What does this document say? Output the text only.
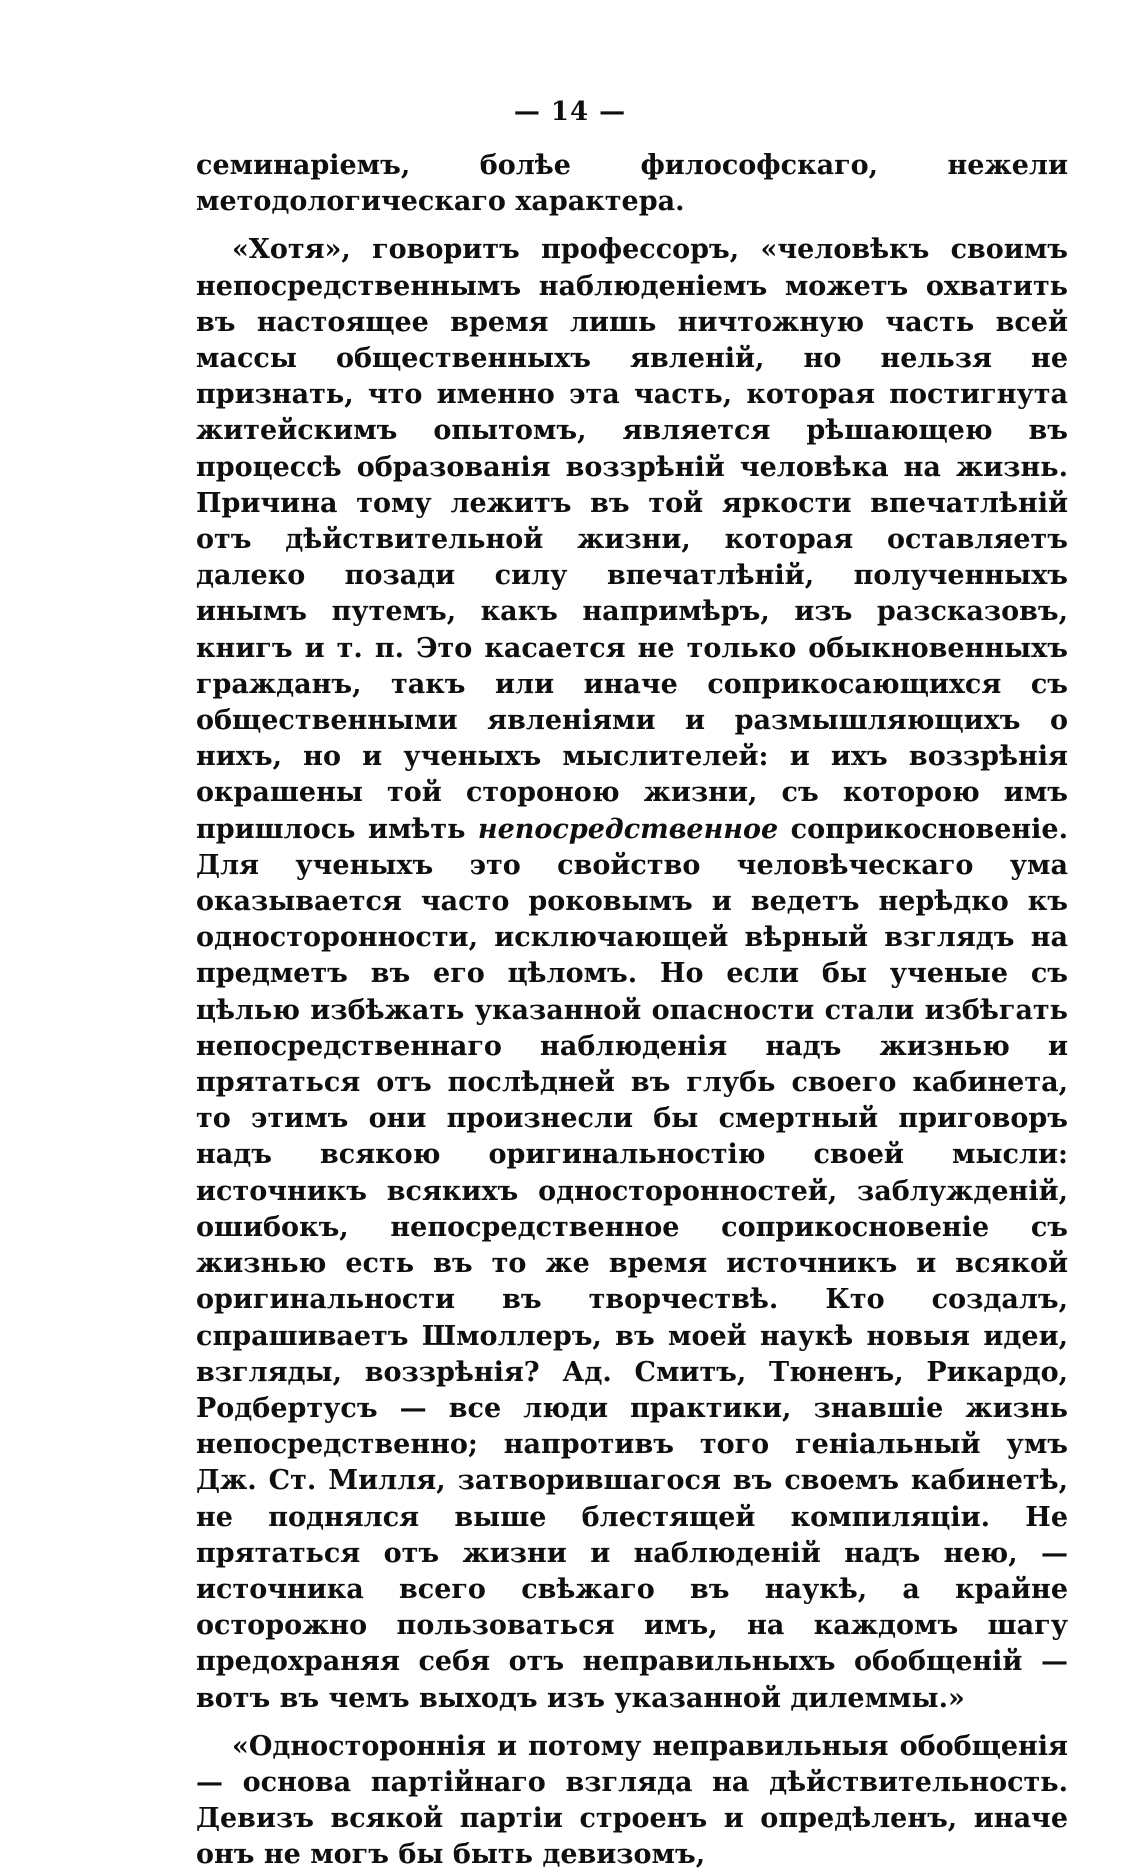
— 14 —

семинаріемъ, болѣе философскаго, нежели методологическаго характера.

«Хотя», говоритъ профессоръ, «человѣкъ своимъ непосредственнымъ наблюденіемъ можетъ охватить въ настоящее время лишь ничтожную часть всей массы общественныхъ явленій, но нельзя не признать, что именно эта часть, которая постигнута житейскимъ опытомъ, является рѣшающею въ процессѣ образованія воззрѣній человѣка на жизнь. Причина тому лежитъ въ той яркости впечатлѣній отъ дѣйствительной жизни, которая оставляетъ далеко позади силу впечатлѣній, полученныхъ инымъ путемъ, какъ напримѣръ, изъ разсказовъ, книгъ и т. п. Это касается не только обыкновенныхъ гражданъ, такъ или иначе соприкосающихся съ общественными явленіями и размышляющихъ о нихъ, но и ученыхъ мыслителей: и ихъ воззрѣнія окрашены той стороною жизни, съ которою имъ пришлось имѣть непосредственное соприкосновеніе. Для ученыхъ это свойство человѣческаго ума оказывается часто роковымъ и ведетъ нерѣдко къ односторонности, исключающей вѣрный взглядъ на предметъ въ его цѣломъ. Но если бы ученые съ цѣлью избѣжать указанной опасности стали избѣгать непосредственнаго наблюденія надъ жизнью и прятаться отъ послѣдней въ глубь своего кабинета, то этимъ они произнесли бы смертный приговоръ надъ всякою оригинальностію своей мысли: источникъ всякихъ односторонностей, заблужденій, ошибокъ, непосредственное соприкосновеніе съ жизнью есть въ то же время источникъ и всякой оригинальности въ творчествѣ. Кто создалъ, спрашиваетъ Шмоллеръ, въ моей наукѣ новыя идеи, взгляды, воззрѣнія? Ад. Смитъ, Тюненъ, Рикардо, Родбертусъ — все люди практики, знавшіе жизнь непосредственно; напротивъ того геніальный умъ Дж. Ст. Милля, затворившагося въ своемъ кабинетѣ, не поднялся выше блестящей компиляціи. Не прятаться отъ жизни и наблюденій надъ нею, — источника всего свѣжаго въ наукѣ, а крайне осторожно пользоваться имъ, на каждомъ шагу предохраняя себя отъ неправильныхъ обобщеній — вотъ въ чемъ выходъ изъ указанной дилеммы.»

«Одностороннія и потому неправильныя обобщенія — основа партійнаго взгляда на дѣйствительность. Девизъ всякой партіи строенъ и опредѣленъ, иначе онъ не могъ бы быть девизомъ,
